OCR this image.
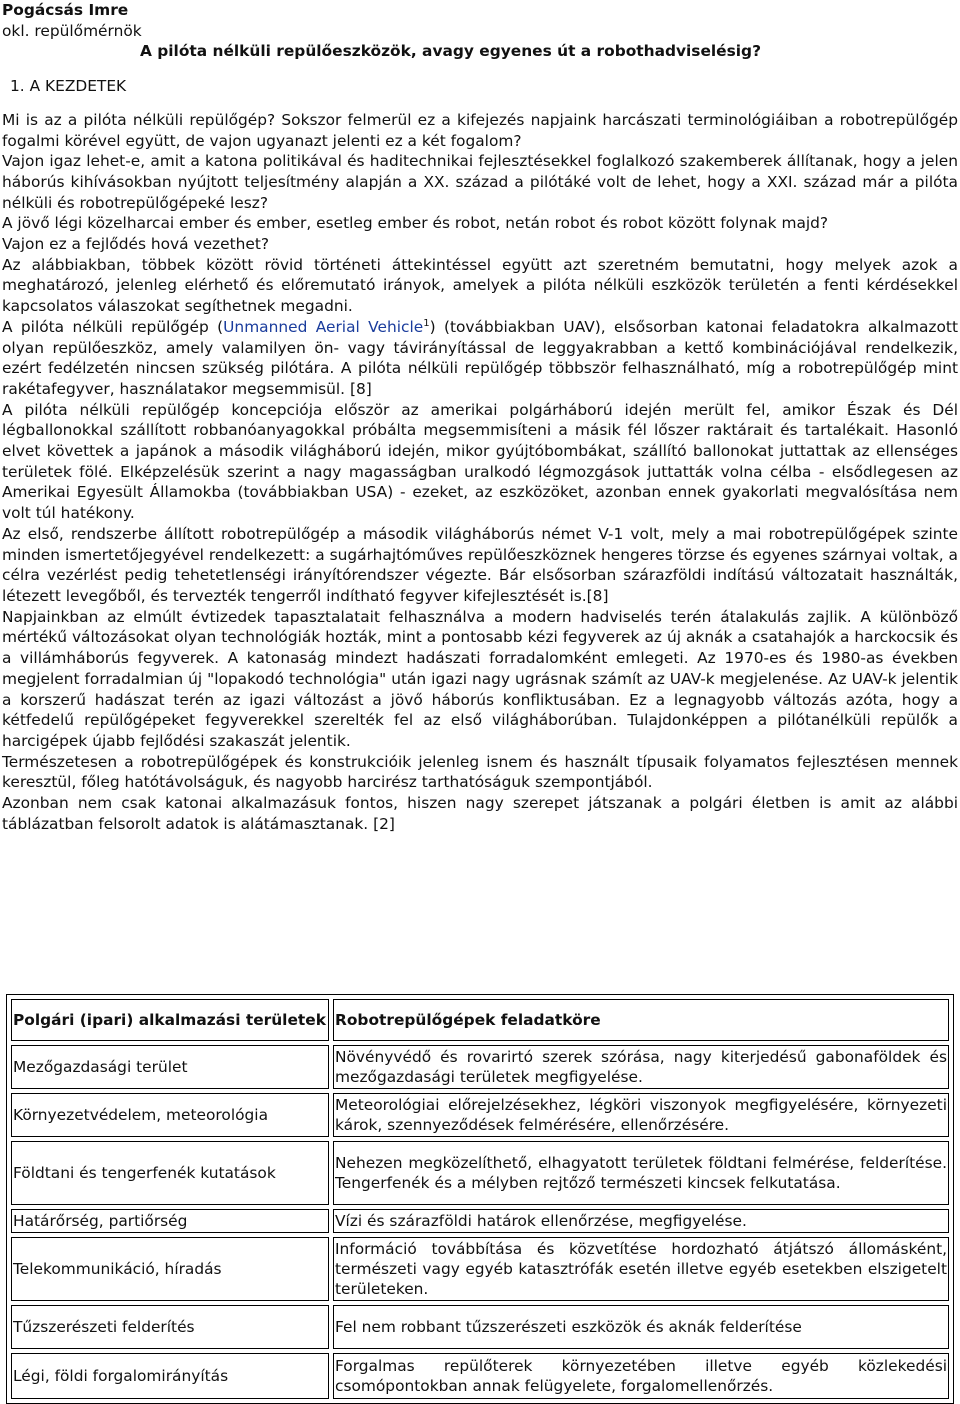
Pogácsás Imre

okl. repülőmérnök

A pilóta nélküli repülőeszközök, avagy egyenes út a robothadviselésig?

1. A KEZDETEK

Mi is az a pilóta nélküli repülőgép? Sokszor felmerül ez a kifejezés napjaink harcászati terminológiáiban a robotrepülőgép fogalmi körével együtt, de vajon ugyanazt jelenti ez a két fogalom?

Vajon igaz lehet-e, amit a katona politikával és haditechnikai fejlesztésekkel foglalkozó szakemberek állítanak, hogy a jelen háborús kihívásokban nyújtott teljesítmény alapján a XX. század a pilótáké volt de lehet, hogy a XXI. század már a pilóta nélküli és robotrepülőgépeké lesz?

A jövő légi közelharcai ember és ember, esetleg ember és robot, netán robot és robot között folynak majd?

Vajon ez a fejlődés hová vezethet?

Az alábbiakban, többek között rövid történeti áttekintéssel együtt azt szeretném bemutatni, hogy melyek azok a meghatározó, jelenleg elérhető és előremutató irányok, amelyek a pilóta nélküli eszközök területén a fenti kérdésekkel kapcsolatos válaszokat segíthetnek megadni.

A pilóta nélküli repülőgép (Unmanned Aerial Vehicle$^1$) (továbbiakban UAV), elsősorban katonai feladatokra alkalmazott olyan repülőeszköz, amely valamilyen ön- vagy távirányítással de leggyakrabban a kettő kombinációjával rendelkezik, ezért fedélzetén nincsen szükség pilótára. A pilóta nélküli repülőgép többször felhasználható, míg a robotrepülőgép mint rakétafegyver, használatakor megsemmisül. [8]

A pilóta nélküli repülőgép koncepciója először az amerikai polgárháború idején merült fel, amikor Észak és Dél légballonokkal szállított robbanóanyagokkal próbálta megsemmisíteni a másik fél lőszer raktárait és tartalékait. Hasonló elvet követtek a japánok a második világháború idején, mikor gyújtóbombákat, szállító ballonokat juttattak az ellenséges területek fölé. Elképzelésük szerint a nagy magasságban uralkodó légmozgások juttatták volna célba - elsődlegesen az Amerikai Egyesült Államokba (továbbiakban USA) - ezeket, az eszközöket, azonban ennek gyakorlati megvalósítása nem volt túl hatékony.

Az első, rendszerbe állított robotrepülőgép a második világháborús német V-1 volt, mely a mai robotrepülőgépek szinte minden ismertetőjegyével rendelkezett: a sugárhajtóműves repülőeszköznek hengeres törzse és egyenes szárnyai voltak, a célra vezérlést pedig tehetetlenségi irányítórendszer végezte. Bár elsősorban szárazföldi indítású változatait használták, létezett levegőből, és tervezték tengerről indítható fegyver kifejlesztését is.[8]

Napjainkban az elmúlt évtizedek tapasztalatait felhasználva a modern hadviselés terén átalakulás zajlik. A különböző mértékű változásokat olyan technológiák hozták, mint a pontosabb kézi fegyverek az új aknák a csatahajók a harckocsik és a villámháborús fegyverek. A katonaság mindezt hadászati forradalomként emlegeti. Az 1970-es és 1980-as években megjelent forradalmian új "lopakodó technológia" után igazi nagy ugrásnak számít az UAV-k megjelenése. Az UAV-k jelentik a korszerű hadászat terén az igazi változást a jövő háborús konfliktusában. Ez a legnagyobb változás azóta, hogy a kétfedelű repülőgépeket fegyverekkel szerelték fel az első világháborúban. Tulajdonképpen a pilótanélküli repülők a harcigépek újabb fejlődési szakaszát jelentik.

Természetesen a robotrepülőgépek és konstrukcióik jelenleg isnem és használt típusaik folyamatos fejlesztésen mennek keresztül, főleg hatótávolságuk, és nagyobb harcirész tarthatóságuk szempontjából.

Azonban nem csak katonai alkalmazásuk fontos, hiszen nagy szerepet játszanak a polgári életben is amit az alábbi táblázatban felsorolt adatok is alátámasztanak. [2]

Polgári (ipari) alkalmazási területek	Robotrepülőgépek feladatköre
Mezőgazdasági terület	Növényvédő és rovarirtó szerek szórása, nagy kiterjedésű gabonaföldek és mezőgazdasági területek megfigyelése.
Környezetvédelem, meteorológia	Meteorológiai előrejelzésekhez, légköri viszonyok megfigyelésére, környezeti károk, szennyeződések felmérésére, ellenőrzésére.
Földtani és tengerfenék kutatások	Nehezen megközelíthető, elhagyatott területek földtani felmérése, felderítése. Tengerfenék és a mélyben rejtőző természeti kincsek felkutatása.
Határőrség, partiőrség	Vízi és szárazföldi határok ellenőrzése, megfigyelése.
Telekommunikáció, híradás	Információ továbbítása és közvetítése hordozható átjátszó állomásként, természeti vagy egyéb katasztrófák esetén illetve egyéb esetekben elszigetelt területeken.
Tűzszerészeti felderítés	Fel nem robbant tűzszerészeti eszközök és aknák felderítése
Légi, földi forgalomirányítás	Forgalmas repülőterek környezetében illetve egyéb közlekedési csomópontokban annak felügyelete, forgalomellenőrzés.
